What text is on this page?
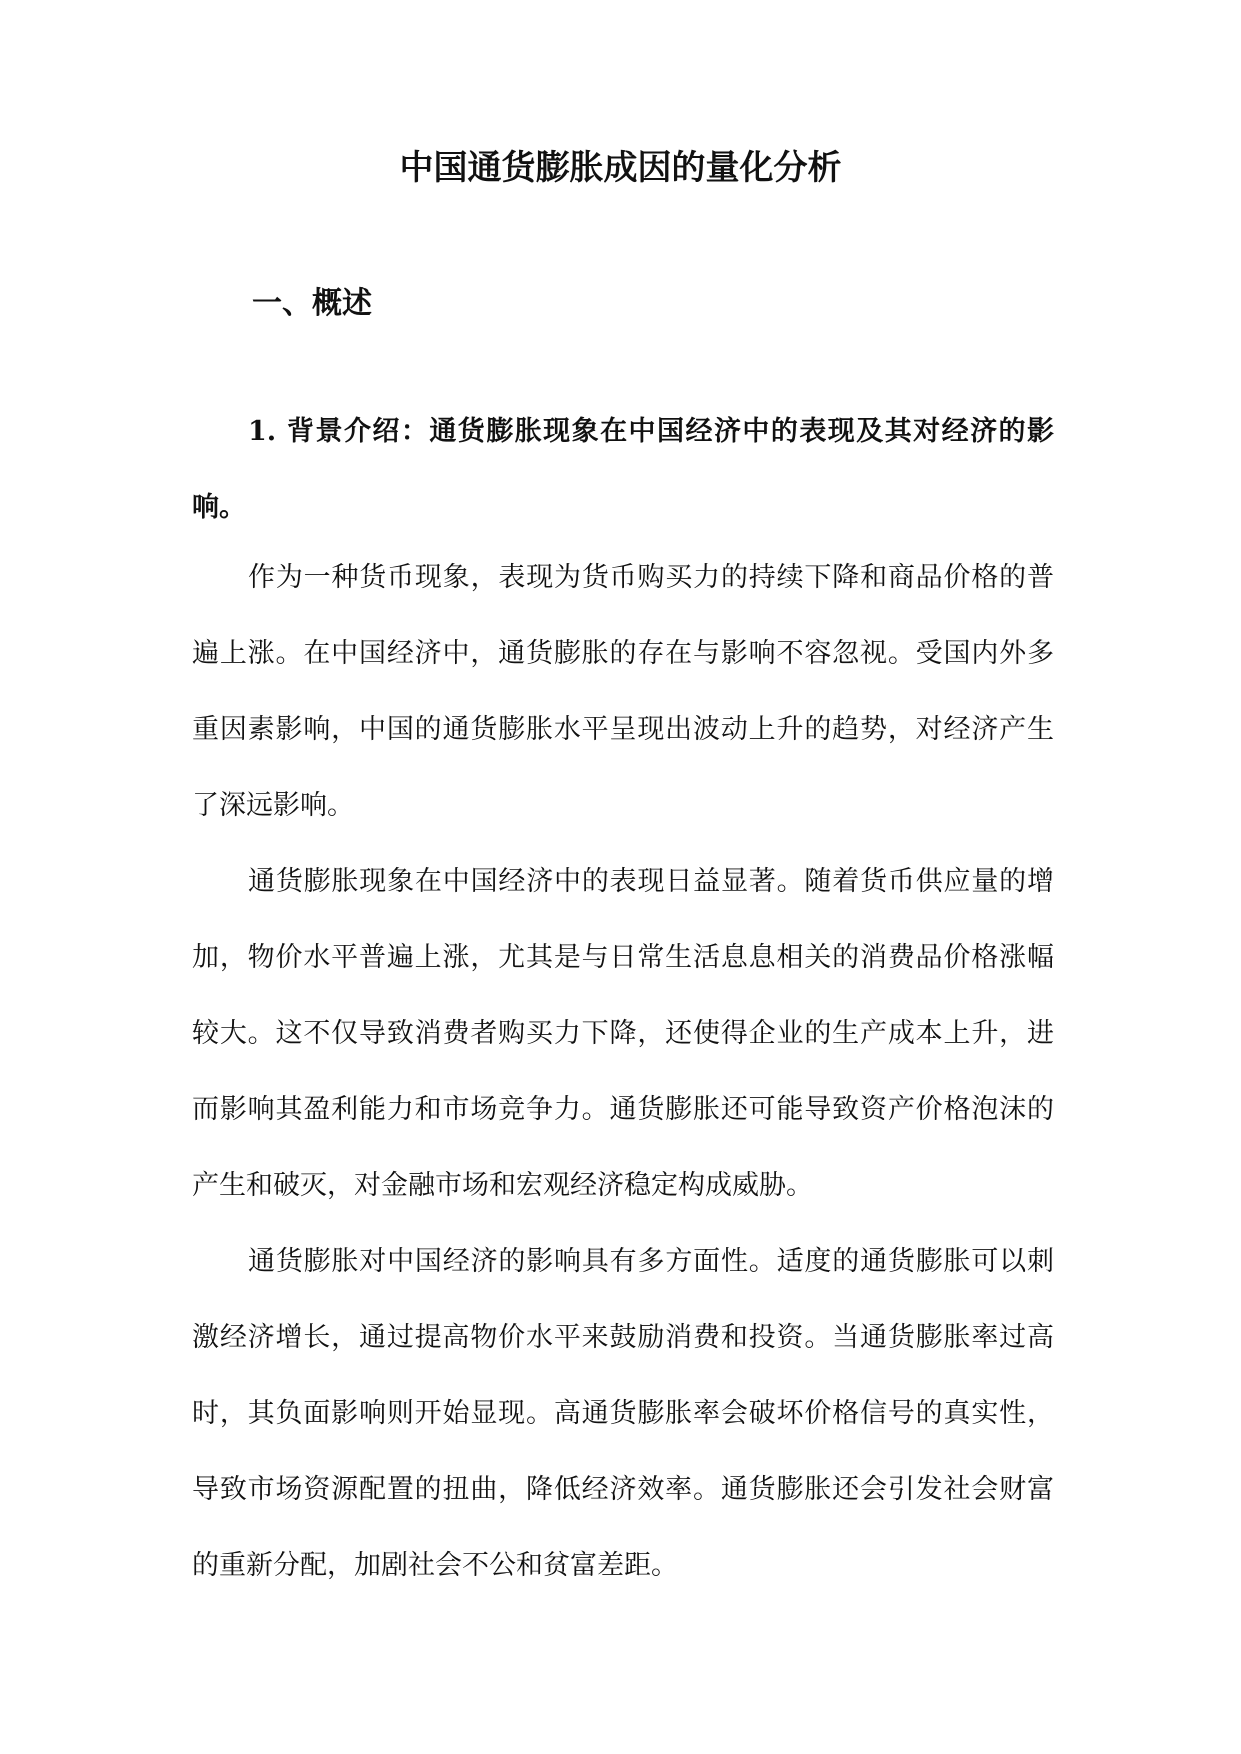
中国通货膨胀成因的量化分析
一、概述
1. 背景介绍：通货膨胀现象在中国经济中的表现及其对经济的影响。

作为一种货币现象，表现为货币购买力的持续下降和商品价格的普遍上涨。在中国经济中，通货膨胀的存在与影响不容忽视。受国内外多重因素影响，中国的通货膨胀水平呈现出波动上升的趋势，对经济产生了深远影响。

通货膨胀现象在中国经济中的表现日益显著。随着货币供应量的增加，物价水平普遍上涨，尤其是与日常生活息息相关的消费品价格涨幅较大。这不仅导致消费者购买力下降，还使得企业的生产成本上升，进而影响其盈利能力和市场竞争力。通货膨胀还可能导致资产价格泡沫的产生和破灭，对金融市场和宏观经济稳定构成威胁。

通货膨胀对中国经济的影响具有多方面性。适度的通货膨胀可以刺激经济增长，通过提高物价水平来鼓励消费和投资。当通货膨胀率过高时，其负面影响则开始显现。高通货膨胀率会破坏价格信号的真实性，导致市场资源配置的扭曲，降低经济效率。通货膨胀还会引发社会财富的重新分配，加剧社会不公和贫富差距。
